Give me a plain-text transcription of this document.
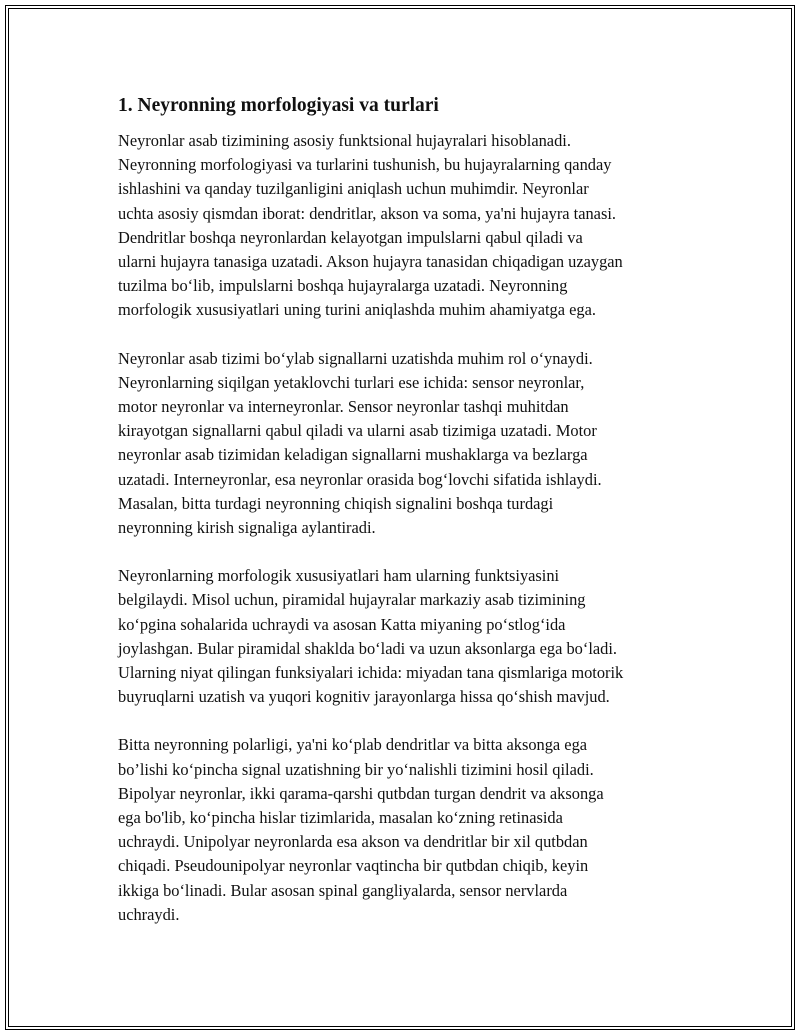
1. Neyronning morfologiyasi va turlari

Neyronlar asab tizimining asosiy funktsional hujayralari hisoblanadi.
Neyronning morfologiyasi va turlarini tushunish, bu hujayralarning qanday
ishlashini va qanday tuzilganligini aniqlash uchun muhimdir. Neyronlar
uchta asosiy qismdan iborat: dendritlar, akson va soma, ya'ni hujayra tanasi.
Dendritlar boshqa neyronlardan kelayotgan impulslarni qabul qiladi va
ularni hujayra tanasiga uzatadi. Akson hujayra tanasidan chiqadigan uzaygan
tuzilma bo‘lib, impulslarni boshqa hujayralarga uzatadi. Neyronning
morfologik xususiyatlari uning turini aniqlashda muhim ahamiyatga ega.

Neyronlar asab tizimi bo‘ylab signallarni uzatishda muhim rol o‘ynaydi.
Neyronlarning siqilgan yetaklovchi turlari ese ichida: sensor neyronlar,
motor neyronlar va interneyronlar. Sensor neyronlar tashqi muhitdan
kirayotgan signallarni qabul qiladi va ularni asab tizimiga uzatadi. Motor
neyronlar asab tizimidan keladigan signallarni mushaklarga va bezlarga
uzatadi. Interneyronlar, esa neyronlar orasida bog‘lovchi sifatida ishlaydi.
Masalan, bitta turdagi neyronning chiqish signalini boshqa turdagi
neyronning kirish signaliga aylantiradi.

Neyronlarning morfologik xususiyatlari ham ularning funktsiyasini
belgilaydi. Misol uchun, piramidal hujayralar markaziy asab tizimining
ko‘pgina sohalarida uchraydi va asosan Katta miyaning po‘stlog‘ida
joylashgan. Bular piramidal shaklda bo‘ladi va uzun aksonlarga ega bo‘ladi.
Ularning niyat qilingan funksiyalari ichida: miyadan tana qismlariga motorik
buyruqlarni uzatish va yuqori kognitiv jarayonlarga hissa qo‘shish mavjud.

Bitta neyronning polarligi, ya'ni ko‘plab dendritlar va bitta aksonga ega
bo’lishi ko‘pincha signal uzatishning bir yo‘nalishli tizimini hosil qiladi.
Bipolyar neyronlar, ikki qarama-qarshi qutbdan turgan dendrit va aksonga
ega bo'lib, ko‘pincha hislar tizimlarida, masalan ko‘zning retinasida
uchraydi. Unipolyar neyronlarda esa akson va dendritlar bir xil qutbdan
chiqadi. Pseudounipolyar neyronlar vaqtincha bir qutbdan chiqib, keyin
ikkiga bo‘linadi. Bular asosan spinal gangliyalarda, sensor nervlarda
uchraydi.
